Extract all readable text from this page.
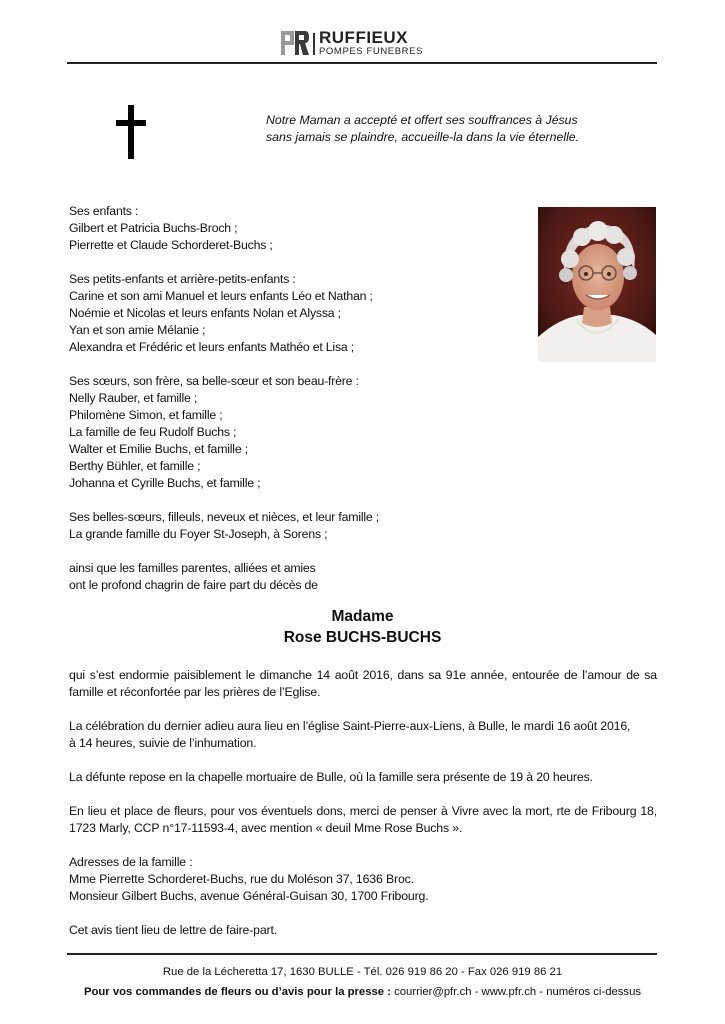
RUFFIEUX
POMPES FUNEBRES
Notre Maman a accepté et offert ses souffrances à Jésus
sans jamais se plaindre, accueille-la dans la vie éternelle.
Ses enfants :
Gilbert et Patricia Buchs-Broch ;
Pierrette et Claude Schorderet-Buchs ;
Ses petits-enfants et arrière-petits-enfants :
Carine et son ami Manuel et leurs enfants Léo et Nathan ;
Noémie et Nicolas et leurs enfants Nolan et Alyssa ;
Yan et son amie Mélanie ;
Alexandra et Frédéric et leurs enfants Mathéo et Lisa ;
Ses sœurs, son frère, sa belle-sœur et son beau-frère :
Nelly Rauber, et famille ;
Philomène Simon, et famille ;
La famille de feu Rudolf Buchs ;
Walter et Emilie Buchs, et famille ;
Berthy Bühler, et famille ;
Johanna et Cyrille Buchs, et famille ;
Ses belles-sœurs, filleuls, neveux et nièces, et leur famille ;
La grande famille du Foyer St-Joseph, à Sorens ;
ainsi que les familles parentes, alliées et amies
ont le profond chagrin de faire part du décès de
Madame
Rose BUCHS-BUCHS
qui s’est endormie paisiblement le dimanche 14 août 2016, dans sa 91e année, entourée de l’amour de sa famille et réconfortée par les prières de l’Eglise.
La célébration du dernier adieu aura lieu en l’église Saint-Pierre-aux-Liens, à Bulle, le mardi 16 août 2016,
à 14 heures, suivie de l’inhumation.
La défunte repose en la chapelle mortuaire de Bulle, où la famille sera présente de 19 à 20 heures.
En lieu et place de fleurs, pour vos éventuels dons, merci de penser à Vivre avec la mort, rte de Fribourg 18, 1723 Marly, CCP n°17-11593-4, avec mention « deuil Mme Rose Buchs ».
Adresses de la famille :
Mme Pierrette Schorderet-Buchs, rue du Moléson 37, 1636 Broc.
Monsieur Gilbert Buchs, avenue Général-Guisan 30, 1700 Fribourg.
Cet avis tient lieu de lettre de faire-part.
Rue de la Lécheretta 17, 1630 BULLE - Tél. 026 919 86 20 - Fax 026 919 86 21
Pour vos commandes de fleurs ou d’avis pour la presse : courrier@pfr.ch - www.pfr.ch - numéros ci-dessus
